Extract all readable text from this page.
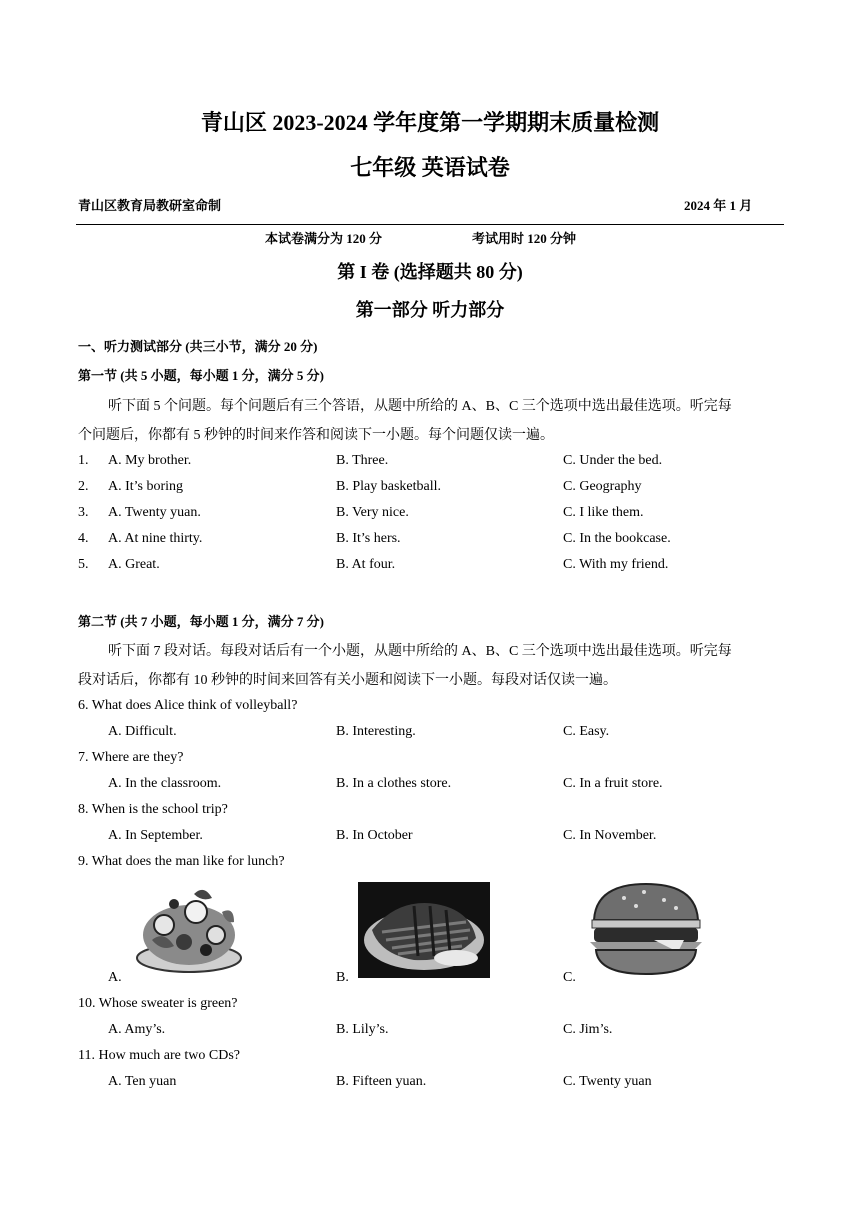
青山区 2023-2024 学年度第一学期期末质量检测
七年级 英语试卷
青山区教育局教研室命制	2024 年 1 月
本试卷满分为 120 分	考试用时 120 分钟
第 I 卷 (选择题共 80 分)
第一部分 听力部分
一、听力测试部分 (共三小节，满分 20 分)
第一节 (共 5 小题，每小题 1 分，满分 5 分)
听下面 5 个问题。每个问题后有三个答语，从题中所给的 A、B、C 三个选项中选出最佳选项。听完每
个问题后，你都有 5 秒钟的时间来作答和阅读下一小题。每个问题仅读一遍。
1. A. My brother.	B. Three.	C. Under the bed.
2. A. It’s boring	B. Play basketball.	C. Geography
3. A. Twenty yuan.	B. Very nice.	C. I like them.
4. A. At nine thirty.	B. It’s hers.	C. In the bookcase.
5. A. Great.	B. At four.	C. With my friend.
第二节 (共 7 小题，每小题 1 分，满分 7 分)
听下面 7 段对话。每段对话后有一个小题，从题中所给的 A、B、C 三个选项中选出最佳选项。听完每
段对话后，你都有 10 秒钟的时间来回答有关小题和阅读下一小题。每段对话仅读一遍。
6. What does Alice think of volleyball?
A. Difficult.	B. Interesting.	C. Easy.
7. Where are they?
A. In the classroom.	B. In a clothes store.	C. In a fruit store.
8. When is the school trip?
A. In September.	B. In October	C. In November.
9. What does the man like for lunch?
A.	B.	C.
10. Whose sweater is green?
A. Amy’s.	B. Lily’s.	C. Jim’s.
11. How much are two CDs?
A. Ten yuan	B. Fifteen yuan.	C. Twenty yuan
